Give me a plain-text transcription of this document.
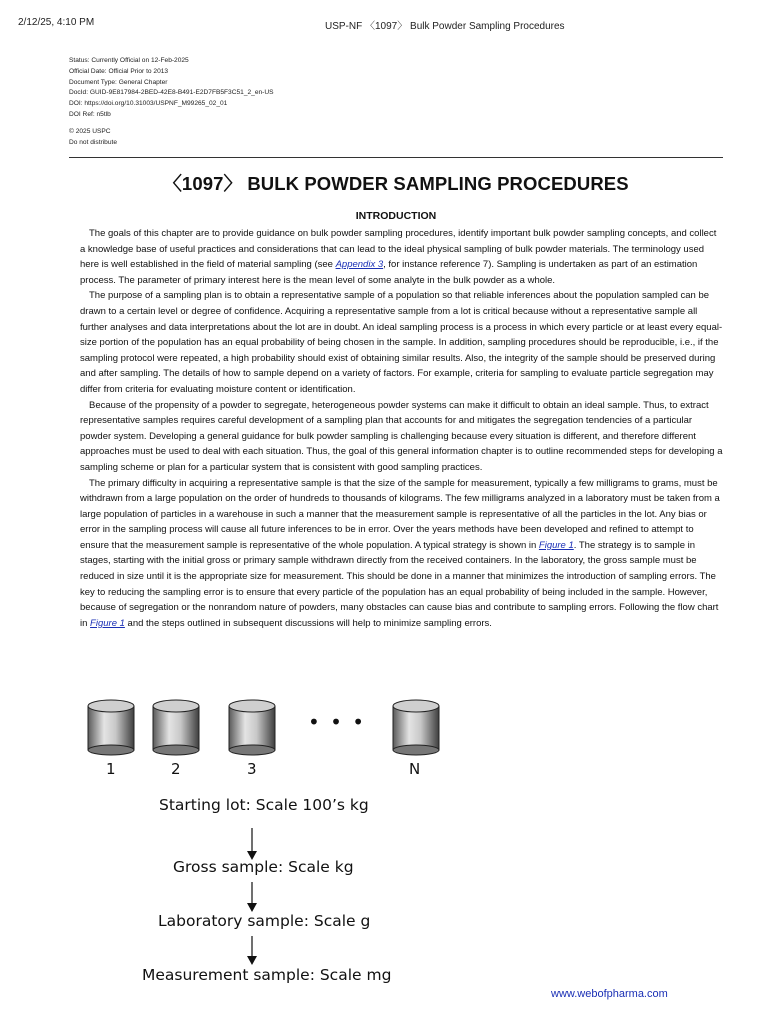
2/12/25, 4:10 PM	USP-NF 〈1097〉 Bulk Powder Sampling Procedures
Status: Currently Official on 12-Feb-2025
Official Date: Official Prior to 2013
Document Type: General Chapter
DocId: GUID-9E817984-2BED-42E8-B491-E2D7FB5F3C51_2_en-US
DOI: https://doi.org/10.31003/USPNF_M99265_02_01
DOI Ref: n5tlb
© 2025 USPC
Do not distribute
〈1097〉 BULK POWDER SAMPLING PROCEDURES
INTRODUCTION

The goals of this chapter are to provide guidance on bulk powder sampling procedures, identify important bulk powder sampling concepts, and collect a knowledge base of useful practices and considerations that can lead to the ideal physical sampling of bulk powder materials. The terminology used here is well established in the field of material sampling (see Appendix 3, for instance reference 7). Sampling is undertaken as part of an estimation process. The parameter of primary interest here is the mean level of some analyte in the bulk powder as a whole.

The purpose of a sampling plan is to obtain a representative sample of a population so that reliable inferences about the population sampled can be drawn to a certain level or degree of confidence. Acquiring a representative sample from a lot is critical because without a representative sample all further analyses and data interpretations about the lot are in doubt. An ideal sampling process is a process in which every particle or at least every equal-size portion of the population has an equal probability of being chosen in the sample. In addition, sampling procedures should be reproducible, i.e., if the sampling protocol were repeated, a high probability should exist of obtaining similar results. Also, the integrity of the sample should be preserved during and after sampling. The details of how to sample depend on a variety of factors. For example, criteria for sampling to evaluate particle segregation may differ from criteria for evaluating moisture content or identification.

Because of the propensity of a powder to segregate, heterogeneous powder systems can make it difficult to obtain an ideal sample. Thus, to extract representative samples requires careful development of a sampling plan that accounts for and mitigates the segregation tendencies of a particular powder system. Developing a general guidance for bulk powder sampling is challenging because every situation is different, and therefore different approaches must be used to deal with each situation. Thus, the goal of this general information chapter is to outline recommended steps for developing a sampling scheme or plan for a particular system that is consistent with good sampling practices.

The primary difficulty in acquiring a representative sample is that the size of the sample for measurement, typically a few milligrams to grams, must be withdrawn from a large population on the order of hundreds to thousands of kilograms. The few milligrams analyzed in a laboratory must be taken from a large population of particles in a warehouse in such a manner that the measurement sample is representative of all the particles in the lot. Any bias or error in the sampling process will cause all future inferences to be in error. Over the years methods have been developed and refined to attempt to ensure that the measurement sample is representative of the whole population. A typical strategy is shown in Figure 1. The strategy is to sample in stages, starting with the initial gross or primary sample withdrawn directly from the received containers. In the laboratory, the gross sample must be reduced in size until it is the appropriate size for measurement. This should be done in a manner that minimizes the introduction of sampling errors. The key to reducing the sampling error is to ensure that every particle of the population has an equal probability of being included in the sample. However, because of segregation or the nonrandom nature of powders, many obstacles can cause bias and contribute to sampling errors. Following the flow chart in Figure 1 and the steps outlined in subsequent discussions will help to minimize sampling errors.

1	2	3	N
• • •
Starting lot: Scale 100’s kg
Gross sample: Scale kg
Laboratory sample: Scale g
Measurement sample: Scale mg
www.webofpharma.com
